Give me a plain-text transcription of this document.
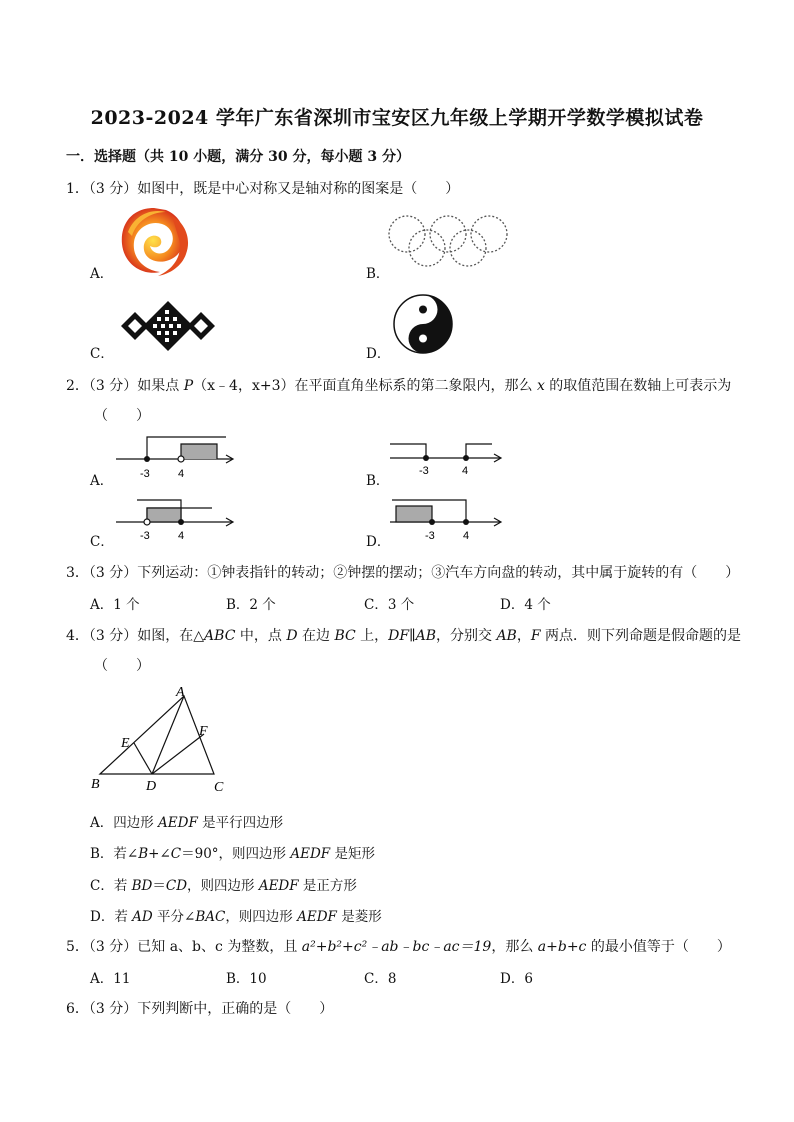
2023-2024 学年广东省深圳市宝安区九年级上学期开学数学模拟试卷
一．选择题（共 10 小题，满分 30 分，每小题 3 分）
1．（3 分）如图中，既是中心对称又是轴对称的图案是（　　）
A．	B．
C．	D．
2．（3 分）如果点 P（x﹣4，x+3）在平面直角坐标系的第二象限内，那么 x 的取值范围在数轴上可表示为
（　　）
-3	4
A．
-3	4
B．
-3	4
C．	-3	4
D．
3．（3 分）下列运动：①钟表指针的转动；②钟摆的摆动；③汽车方向盘的转动，其中属于旋转的有（　　）
A．1 个	B．2 个	C．3 个	D．4 个
4．（3 分）如图，在△ABC 中，点 D 在边 BC 上，DF∥AB，分别交 AB，F 两点．则下列命题是假命题的是
（　　）
A
B	C
D
E
F
A．四边形 AEDF 是平行四边形
B．若∠B+∠C＝90°，则四边形 AEDF 是矩形
C．若 BD＝CD，则四边形 AEDF 是正方形
D．若 AD 平分∠BAC，则四边形 AEDF 是菱形
5．（3 分）已知 a、b、c 为整数，且 a²+b²+c²﹣ab﹣bc﹣ac＝19，那么 a+b+c 的最小值等于（　　）
A．11	B．10	C．8	D．6
6．（3 分）下列判断中，正确的是（　　）
